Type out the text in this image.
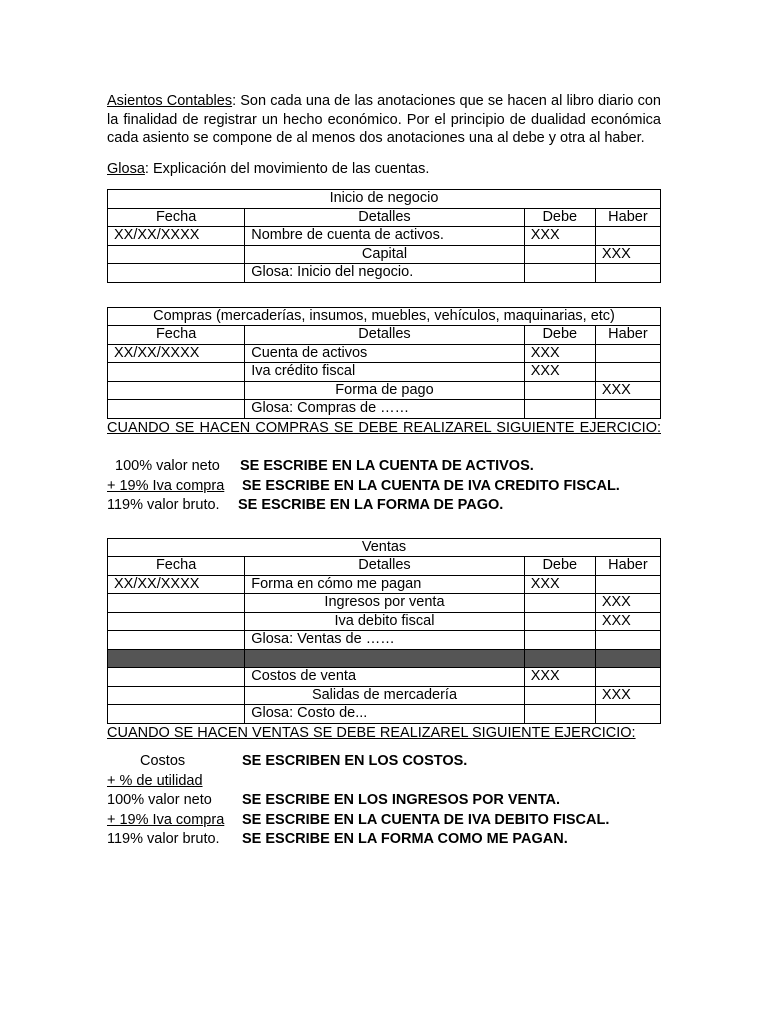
Asientos Contables: Son cada una de las anotaciones que se hacen al libro diario con la finalidad de registrar un hecho económico. Por el principio de dualidad económica cada asiento se compone de al menos dos anotaciones una al debe y otra al haber.

Glosa: Explicación del movimiento de las cuentas.

Inicio de negocio			
Fecha	Detalles	Debe	Haber
XX/XX/XXXX	Nombre de cuenta de activos.	XXX	
	Capital		XXX
	Glosa: Inicio del negocio.		
Compras (mercaderías, insumos, muebles, vehículos, maquinarias, etc)			
Fecha	Detalles	Debe	Haber
XX/XX/XXXX	Cuenta de activos	XXX	
	Iva crédito fiscal	XXX	
	Forma de pago		XXX
	Glosa: Compras de ……		

CUANDO SE HACEN COMPRAS SE DEBE REALIZAREL SIGUIENTE EJERCICIO:

100% valor neto	SE ESCRIBE EN LA CUENTA DE ACTIVOS.
+ 19% Iva compra	SE ESCRIBE EN LA CUENTA DE IVA CREDITO FISCAL.
119% valor bruto.	SE ESCRIBE EN LA FORMA DE PAGO.
Ventas			
Fecha	Detalles	Debe	Haber
XX/XX/XXXX	Forma en cómo me pagan	XXX	
	Ingresos por venta		XXX
	Iva debito fiscal		XXX
	Glosa: Ventas de ……		

	Costos de venta	XXX	
	Salidas de mercadería		XXX
	Glosa: Costo de...		

CUANDO SE HACEN VENTAS SE DEBE REALIZAREL SIGUIENTE EJERCICIO:

Costos	SE ESCRIBEN EN LOS COSTOS.
+ % de utilidad
100% valor neto	SE ESCRIBE EN LOS INGRESOS POR VENTA.
+ 19% Iva compra	SE ESCRIBE EN LA CUENTA DE IVA DEBITO FISCAL.
119% valor bruto.	SE ESCRIBE EN LA FORMA COMO ME PAGAN.
